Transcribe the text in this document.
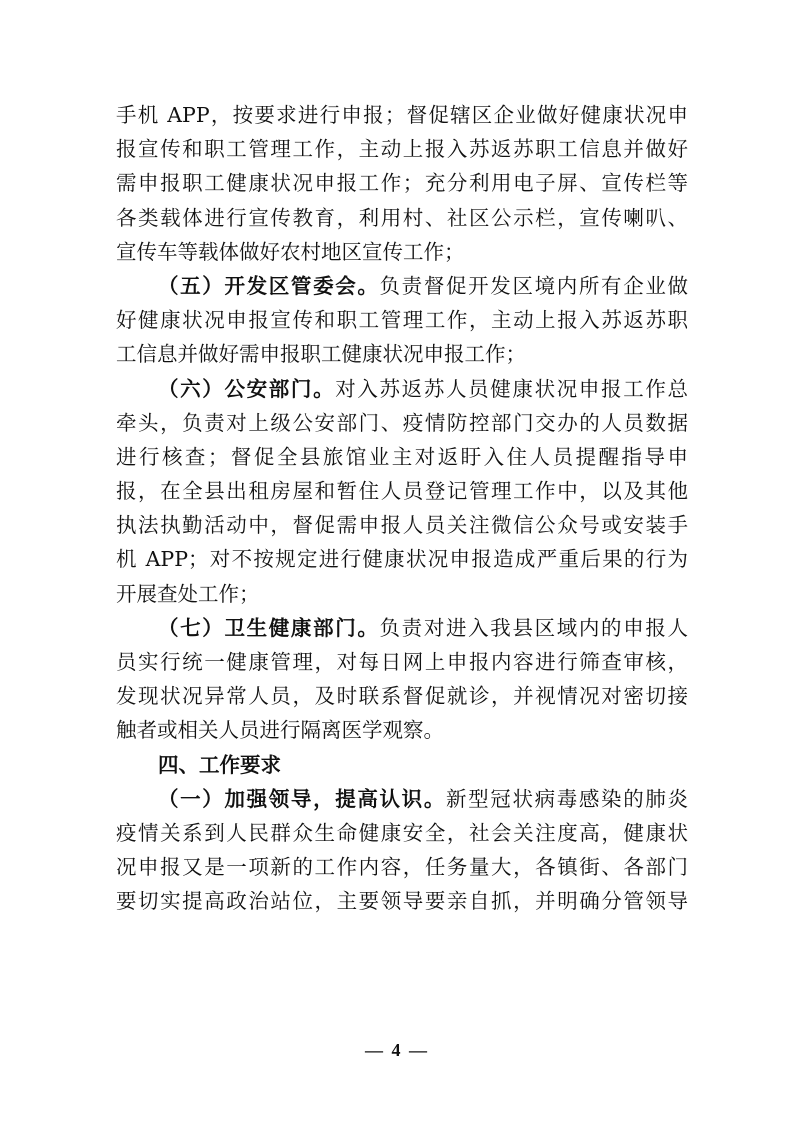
手机 APP，按要求进行申报；督促辖区企业做好健康状况申
报宣传和职工管理工作，主动上报入苏返苏职工信息并做好
需申报职工健康状况申报工作；充分利用电子屏、宣传栏等
各类载体进行宣传教育，利用村、社区公示栏，宣传喇叭、
宣传车等载体做好农村地区宣传工作；
（五）开发区管委会。负责督促开发区境内所有企业做
好健康状况申报宣传和职工管理工作，主动上报入苏返苏职
工信息并做好需申报职工健康状况申报工作；
（六）公安部门。对入苏返苏人员健康状况申报工作总
牵头，负责对上级公安部门、疫情防控部门交办的人员数据
进行核查；督促全县旅馆业主对返盱入住人员提醒指导申
报，在全县出租房屋和暂住人员登记管理工作中，以及其他
执法执勤活动中，督促需申报人员关注微信公众号或安装手
机 APP；对不按规定进行健康状况申报造成严重后果的行为
开展查处工作；
（七）卫生健康部门。负责对进入我县区域内的申报人
员实行统一健康管理，对每日网上申报内容进行筛查审核，
发现状况异常人员，及时联系督促就诊，并视情况对密切接
触者或相关人员进行隔离医学观察。
四、工作要求
（一）加强领导，提高认识。新型冠状病毒感染的肺炎
疫情关系到人民群众生命健康安全，社会关注度高，健康状
况申报又是一项新的工作内容，任务量大，各镇街、各部门
要切实提高政治站位，主要领导要亲自抓，并明确分管领导
— 4 —
